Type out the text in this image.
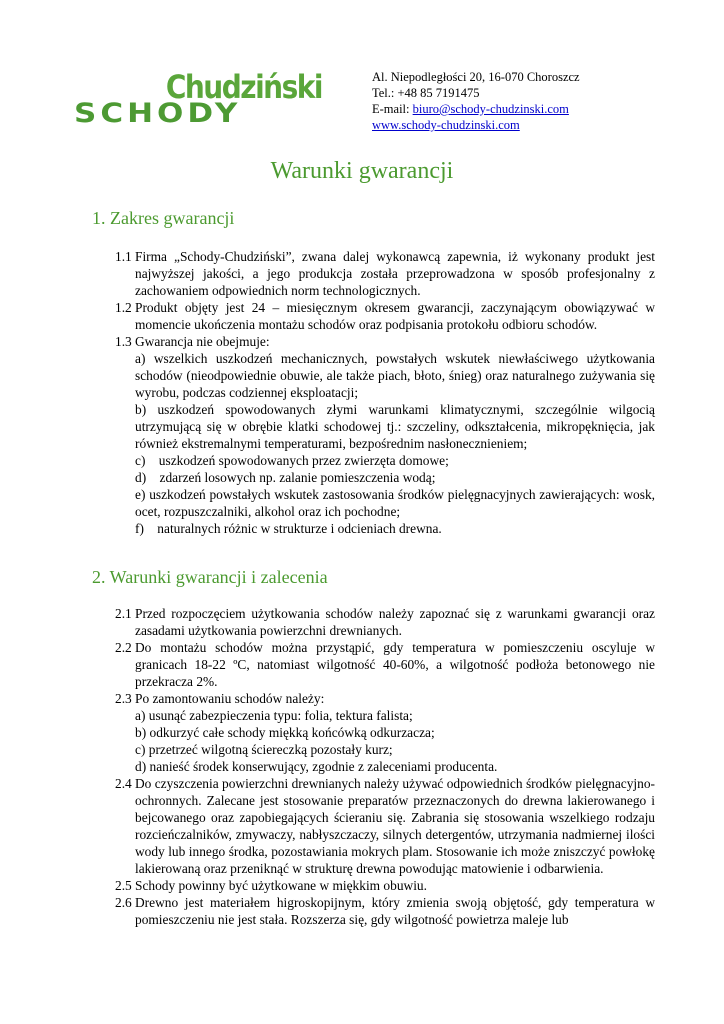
Chudziński
SCHODY
Al. Niepodległości 20, 16-070 Choroszcz
Tel.: +48 85 7191475
E-mail: biuro@schody-chudzinski.com
www.schody-chudzinski.com
Warunki gwarancji
1. Zakres gwarancji
1.1 Firma „Schody-Chudziński”, zwana dalej wykonawcą zapewnia, iż wykonany produkt jest najwyższej jakości, a jego produkcja została przeprowadzona w sposób profesjonalny z zachowaniem odpowiednich norm technologicznych.
1.2 Produkt objęty jest 24 – miesięcznym okresem gwarancji, zaczynającym obowiązywać w momencie ukończenia montażu schodów oraz podpisania protokołu odbioru schodów.
1.3 Gwarancja nie obejmuje:
a) wszelkich uszkodzeń mechanicznych, powstałych wskutek niewłaściwego użytkowania schodów (nieodpowiednie obuwie, ale także piach, błoto, śnieg) oraz naturalnego zużywania się wyrobu, podczas codziennej eksploatacji;
b) uszkodzeń spowodowanych złymi warunkami klimatycznymi, szczególnie wilgocią utrzymującą się w obrębie klatki schodowej tj.: szczeliny, odkształcenia, mikropęknięcia, jak również ekstremalnymi temperaturami, bezpośrednim nasłonecznieniem;
c)    uszkodzeń spowodowanych przez zwierzęta domowe;
d)    zdarzeń losowych np. zalanie pomieszczenia wodą;
e) uszkodzeń powstałych wskutek zastosowania środków pielęgnacyjnych zawierających: wosk, ocet, rozpuszczalniki, alkohol oraz ich pochodne;
f)    naturalnych różnic w strukturze i odcieniach drewna.
2. Warunki gwarancji i zalecenia
2.1 Przed rozpoczęciem użytkowania schodów należy zapoznać się z warunkami gwarancji oraz zasadami użytkowania powierzchni drewnianych.
2.2 Do montażu schodów można przystąpić, gdy temperatura w pomieszczeniu oscyluje w granicach 18-22 ºC, natomiast wilgotność 40-60%, a wilgotność podłoża betonowego nie przekracza 2%.
2.3 Po zamontowaniu schodów należy:
a) usunąć zabezpieczenia typu: folia, tektura falista;
b) odkurzyć całe schody miękką końcówką odkurzacza;
c) przetrzeć wilgotną ściereczką pozostały kurz;
d) nanieść środek konserwujący, zgodnie z zaleceniami producenta.
2.4 Do czyszczenia powierzchni drewnianych należy używać odpowiednich środków pielęgnacyjno-ochronnych. Zalecane jest stosowanie preparatów przeznaczonych do drewna lakierowanego i bejcowanego oraz zapobiegających ścieraniu się. Zabrania się stosowania wszelkiego rodzaju rozcieńczalników, zmywaczy, nabłyszczaczy, silnych detergentów, utrzymania nadmiernej ilości wody lub innego środka, pozostawiania mokrych plam. Stosowanie ich może zniszczyć powłokę lakierowaną oraz przeniknąć w strukturę drewna powodując matowienie i odbarwienia.
2.5 Schody powinny być użytkowane w miękkim obuwiu.
2.6 Drewno jest materiałem higroskopijnym, który zmienia swoją objętość, gdy temperatura w pomieszczeniu nie jest stała. Rozszerza się, gdy wilgotność powietrza maleje lub
